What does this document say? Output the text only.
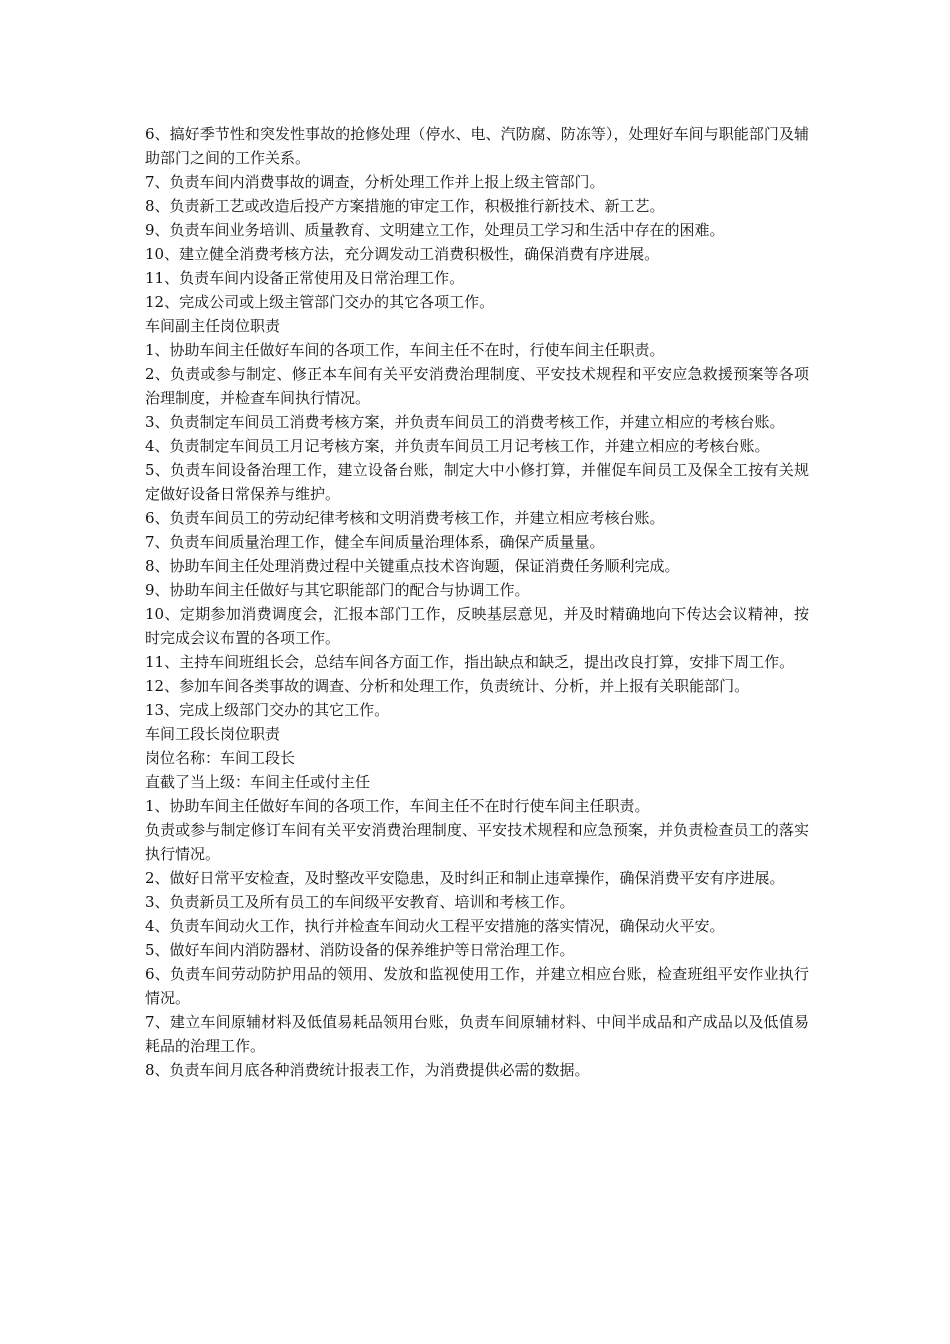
6、搞好季节性和突发性事故的抢修处理（停水、电、汽防腐、防冻等），处理好车间与职能部门及辅助部门之间的工作关系。

7、负责车间内消费事故的调查，分析处理工作并上报上级主管部门。

8、负责新工艺或改造后投产方案措施的审定工作，积极推行新技术、新工艺。

9、负责车间业务培训、质量教育、文明建立工作，处理员工学习和生活中存在的困难。

10、建立健全消费考核方法，充分调发动工消费积极性，确保消费有序进展。

11、负责车间内设备正常使用及日常治理工作。

12、完成公司或上级主管部门交办的其它各项工作。

车间副主任岗位职责

1、协助车间主任做好车间的各项工作，车间主任不在时，行使车间主任职责。

2、负责或参与制定、修正本车间有关平安消费治理制度、平安技术规程和平安应急救援预案等各项治理制度，并检查车间执行情况。

3、负责制定车间员工消费考核方案，并负责车间员工的消费考核工作，并建立相应的考核台账。

4、负责制定车间员工月记考核方案，并负责车间员工月记考核工作，并建立相应的考核台账。

5、负责车间设备治理工作，建立设备台账，制定大中小修打算，并催促车间员工及保全工按有关规定做好设备日常保养与维护。

6、负责车间员工的劳动纪律考核和文明消费考核工作，并建立相应考核台账。

7、负责车间质量治理工作，健全车间质量治理体系，确保产质量量。

8、协助车间主任处理消费过程中关键重点技术咨询题，保证消费任务顺利完成。

9、协助车间主任做好与其它职能部门的配合与协调工作。

10、定期参加消费调度会，汇报本部门工作，反映基层意见，并及时精确地向下传达会议精神，按时完成会议布置的各项工作。

11、主持车间班组长会，总结车间各方面工作，指出缺点和缺乏，提出改良打算，安排下周工作。

12、参加车间各类事故的调查、分析和处理工作，负责统计、分析，并上报有关职能部门。

13、完成上级部门交办的其它工作。

车间工段长岗位职责

岗位名称：车间工段长

直截了当上级：车间主任或付主任

1、协助车间主任做好车间的各项工作，车间主任不在时行使车间主任职责。

负责或参与制定修订车间有关平安消费治理制度、平安技术规程和应急预案，并负责检查员工的落实执行情况。

2、做好日常平安检查，及时整改平安隐患，及时纠正和制止违章操作，确保消费平安有序进展。

3、负责新员工及所有员工的车间级平安教育、培训和考核工作。

4、负责车间动火工作，执行并检查车间动火工程平安措施的落实情况，确保动火平安。

5、做好车间内消防器材、消防设备的保养维护等日常治理工作。

6、负责车间劳动防护用品的领用、发放和监视使用工作，并建立相应台账，检查班组平安作业执行情况。

7、建立车间原辅材料及低值易耗品领用台账，负责车间原辅材料、中间半成品和产成品以及低值易耗品的治理工作。

8、负责车间月底各种消费统计报表工作，为消费提供必需的数据。
